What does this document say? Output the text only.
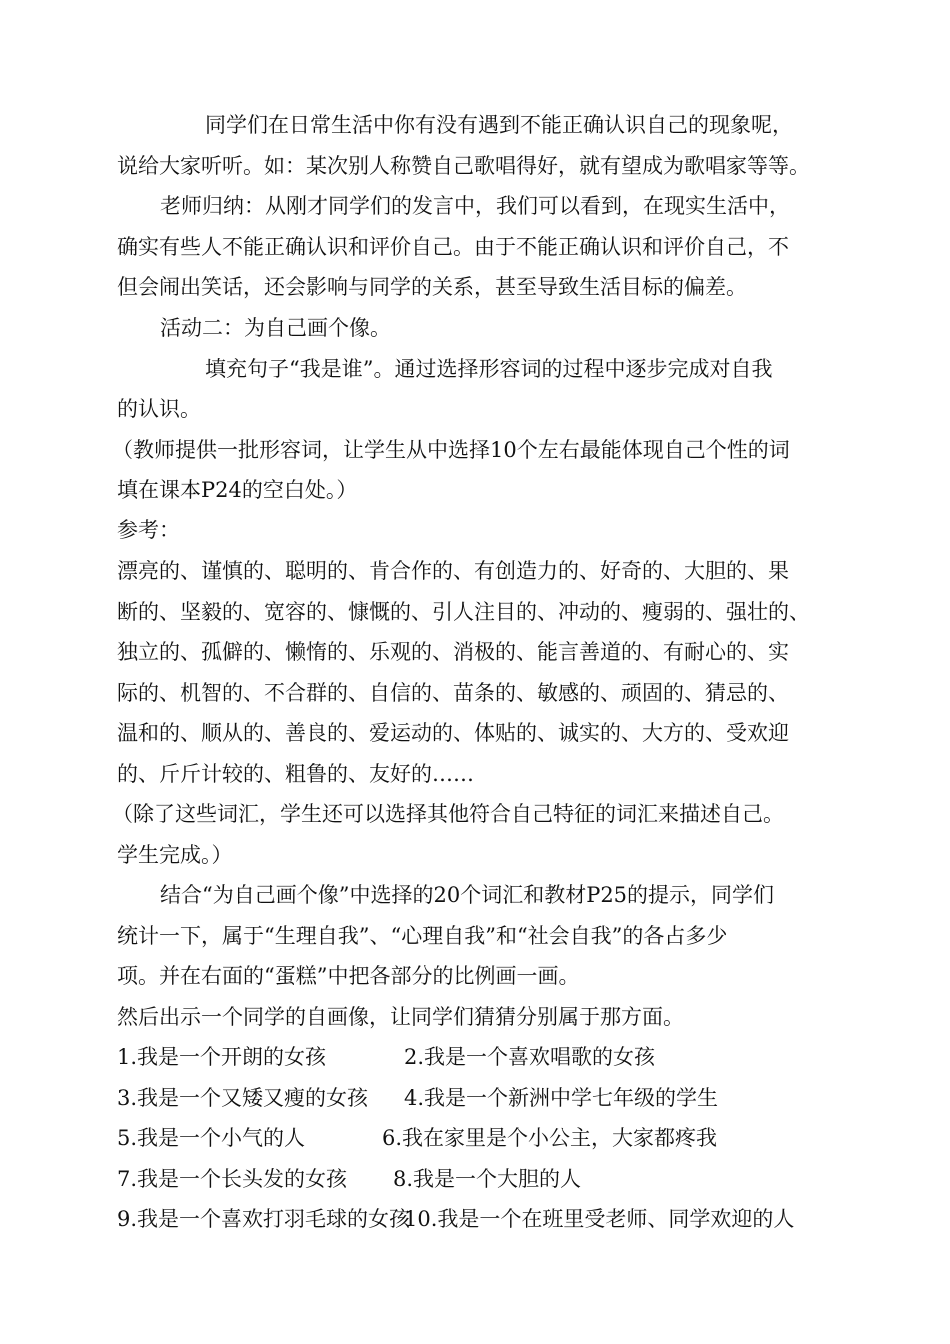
同学们在日常生活中你有没有遇到不能正确认识自己的现象呢，
说给大家听听。如：某次别人称赞自己歌唱得好，就有望成为歌唱家等等。
老师归纳：从刚才同学们的发言中，我们可以看到，在现实生活中，
确实有些人不能正确认识和评价自己。由于不能正确认识和评价自己，不
但会闹出笑话，还会影响与同学的关系，甚至导致生活目标的偏差。
活动二：为自己画个像。
填充句子“我是谁”。通过选择形容词的过程中逐步完成对自我
的认识。
（教师提供一批形容词，让学生从中选择10个左右最能体现自己个性的词
填在课本P24的空白处。）
参考：
漂亮的、谨慎的、聪明的、肯合作的、有创造力的、好奇的、大胆的、果
断的、坚毅的、宽容的、慷慨的、引人注目的、冲动的、瘦弱的、强壮的、
独立的、孤僻的、懒惰的、乐观的、消极的、能言善道的、有耐心的、实
际的、机智的、不合群的、自信的、苗条的、敏感的、顽固的、猜忌的、
温和的、顺从的、善良的、爱运动的、体贴的、诚实的、大方的、受欢迎
的、斤斤计较的、粗鲁的、友好的……
（除了这些词汇，学生还可以选择其他符合自己特征的词汇来描述自己。
学生完成。）
结合“为自己画个像”中选择的20个词汇和教材P25的提示，同学们
统计一下，属于“生理自我”、“心理自我”和“社会自我”的各占多少
项。并在右面的“蛋糕”中把各部分的比例画一画。
然后出示一个同学的自画像，让同学们猜猜分别属于那方面。
1.我是一个开朗的女孩	2.我是一个喜欢唱歌的女孩
3.我是一个又矮又瘦的女孩 4.我是一个新洲中学七年级的学生
5.我是一个小气的人	6.我在家里是个小公主，大家都疼我
7.我是一个长头发的女孩 8.我是一个大胆的人
9.我是一个喜欢打羽毛球的女孩
10.我是一个在班里受老师、同学欢迎的人
